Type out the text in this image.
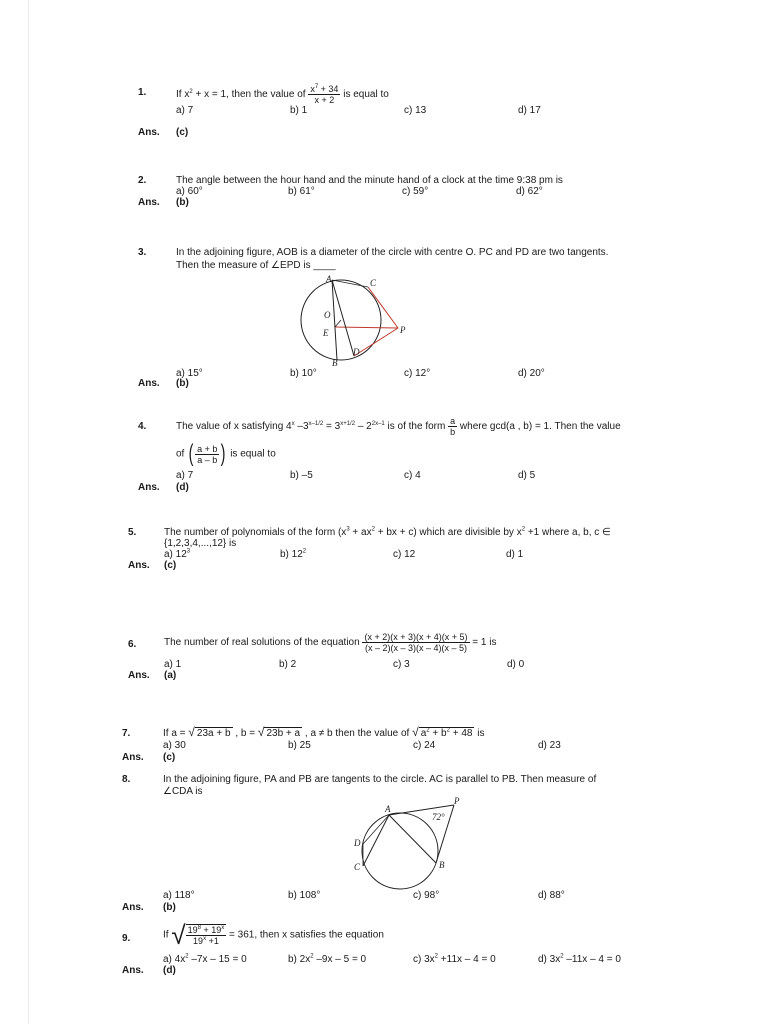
1.	If $x^2 + x = 1$, then the value of $\frac{x^7 + 34}{x + 2}$ is equal to
a) 7	b) 1	c) 13	d) 17
Ans. (c)
2.	The angle between the hour hand and the minute hand of a clock at the time 9:38 pm is
a) 60°	b) 61°	c) 59°	d) 62°
Ans. (b)
3.	In the adjoining figure, AOB is a diameter of the circle with centre O. PC and PD are two tangents.
Then the measure of ∠EPD is ____
A	C
O
E	P
B
D
a) 15°	b) 10°	c) 12°	d) 20°
Ans. (b)
4.	The value of x satisfying 4$^x$ $-3^{x-1/2} = 3^{x+1/2} - 2^{2x-1}$ is of the form $\frac{a}{b}$ where gcd(a , b) = 1. Then the value
of ( $\frac{a + b}{a - b}$ ) is equal to
a) 7	b) –5	c) 4	d) 5
Ans. (d)
5.	The number of polynomials of the form ($x^3 + ax^2$ + bx + c) which are divisible by $x^2 +1$ where a, b, c ∈
{1,2,3,4,...,12} is
a) $12^3$	b) $12^2$	c) 12	d) 1
Ans. (c)
6.	The number of real solutions of the equation $\frac{(x + 2)(x + 3)(x + 4)(x + 5)}{(x - 2)(x - 3)(x - 4)(x - 5)} = 1$ is
a) 1	b) 2	c) 3	d) 0
Ans. (a)
7.	If a = √ 23a + b , b = √ 23b + a , a ≠ b then the value of √ $a^2 + b^2 + 48$ is
a) 30	b) 25	c) 24	d) 23
Ans. (c)
8.	In the adjoining figure, PA and PB are tangents to the circle. AC is parallel to PB. Then measure of
∠CDA is
A
P
72°
D
C	B
a) 118°	b) 108°	c) 98°	d) 88°
Ans. (b)
9.	If √ $\frac{19^8 + 19^x}{19^x +1} = 361$, then x satisfies the equation
a) $4x^2$ –7x – 15 = 0	b) $2x^2$ –9x – 5 = 0	c) $3x^2 +11x - 4 = 0$	d) $3x^2$ –11x – 4 = 0
Ans. (d)
